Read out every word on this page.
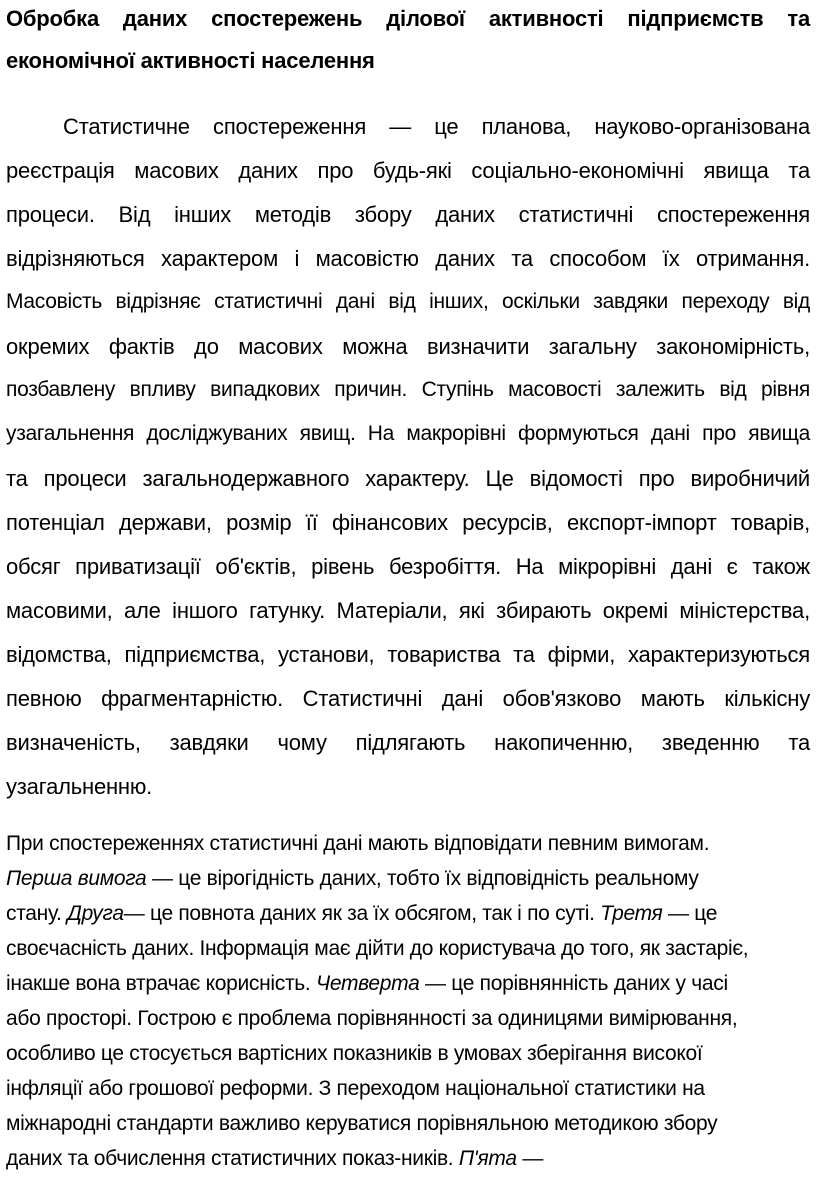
Обробка даних спостережень ділової активності підприємств та
економічної активності населення
Статистичне спостереження — це планова, науково-організована
реєстрація масових даних про будь-які соціально-економічні явища та
процеси. Від інших методів збору даних статистичні спостереження
відрізняються характером і масовістю даних та способом їх отримання.
Масовість відрізняє статистичні дані від інших, оскільки завдяки переходу від
окремих фактів до масових можна визначити загальну закономірність,
позбавлену впливу випадкових причин. Ступінь масовості залежить від рівня
узагальнення досліджуваних явищ. На макрорівні формуються дані про явища
та процеси загальнодержавного характеру. Це відомості про виробничий
потенціал держави, розмір її фінансових ресурсів, експорт-імпорт товарів,
обсяг приватизації об'єктів, рівень безробіття. На мікрорівні дані є також
масовими, але іншого гатунку. Матеріали, які збирають окремі міністерства,
відомства, підприємства, установи, товариства та фірми, характеризуються
певною фрагментарністю. Статистичні дані обов'язково мають кількісну
визначеність, завдяки чому підлягають накопиченню, зведенню та
узагальненню.
При спостереженнях статистичні дані мають відповідати певним вимогам.
Перша вимога — це вірогідність даних, тобто їх відповідність реальному
стану. Друга— це повнота даних як за їх обсягом, так і по суті. Третя — це
своєчасність даних. Інформація має дійти до користувача до того, як застаріє,
інакше вона втрачає корисність. Четверта — це порівнянність даних у часі
або просторі. Гострою є проблема порівнянності за одиницями вимірювання,
особливо це стосується вартісних показників в умовах зберігання високої
інфляції або грошової реформи. З переходом національної статистики на
міжнародні стандарти важливо керуватися порівняльною методикою збору
даних та обчислення статистичних показ-ників. П'ята —
